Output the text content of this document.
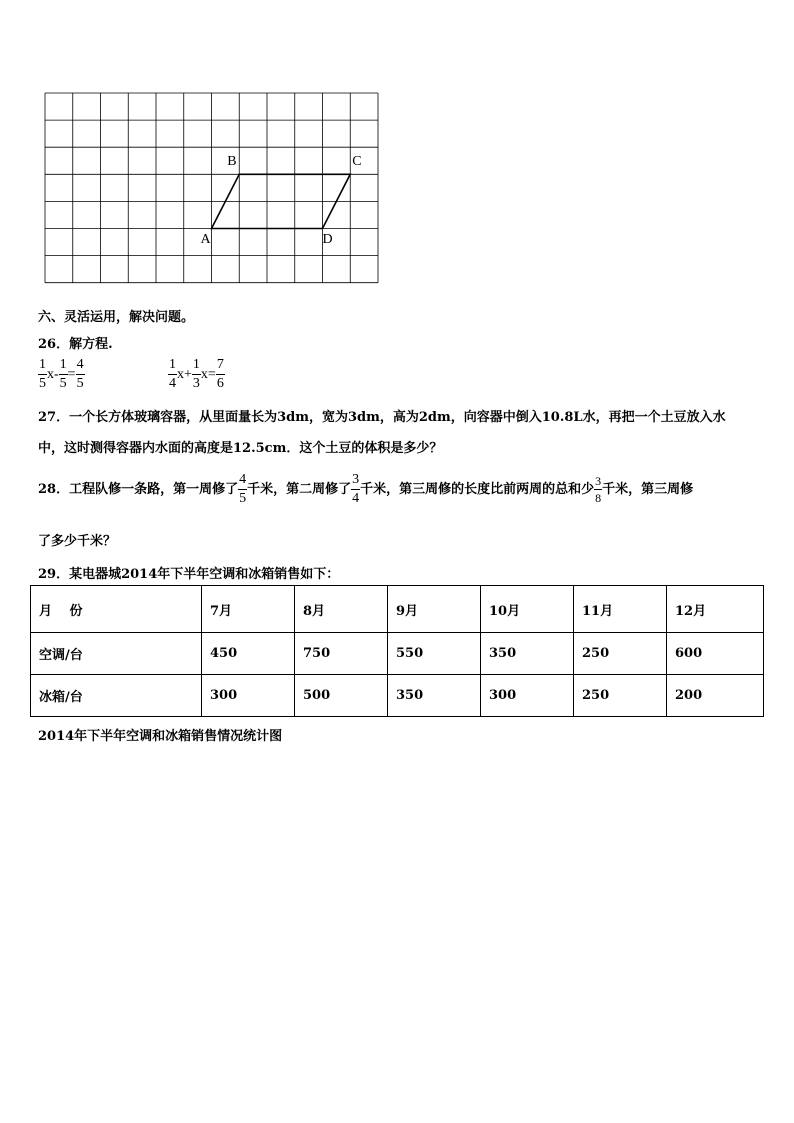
A
B	C
D
六、灵活运用，解决问题。
26．解方程.
$\frac{1}{5} x- \frac{1}{5} = \frac{4}{5}$	$\frac{1}{4} x+ \frac{1}{3} x= \frac{7}{6}$
27．一个长方体玻璃容器，从里面量长为3dm，宽为3dm，高为2dm，向容器中倒入10.8L水，再把一个土豆放入水
中，这时测得容器内水面的高度是12.5cm．这个土豆的体积是多少？
28．工程队修一条路，第一周修了 $\frac{4}{5}$ 千米，第二周修了 $\frac{3}{4}$ 千米，第三周修的长度比前两周的总和少 $\frac{3}{8}$ 千米，第三周修
了多少千米？
29．某电器城2014年下半年空调和冰箱销售如下：
月　 份	7月	8月	9月	10月	11月	12月
空调/台	450	750	550	350	250	600
冰箱/台	300	500	350	300	250	200
2014年下半年空调和冰箱销售情况统计图
